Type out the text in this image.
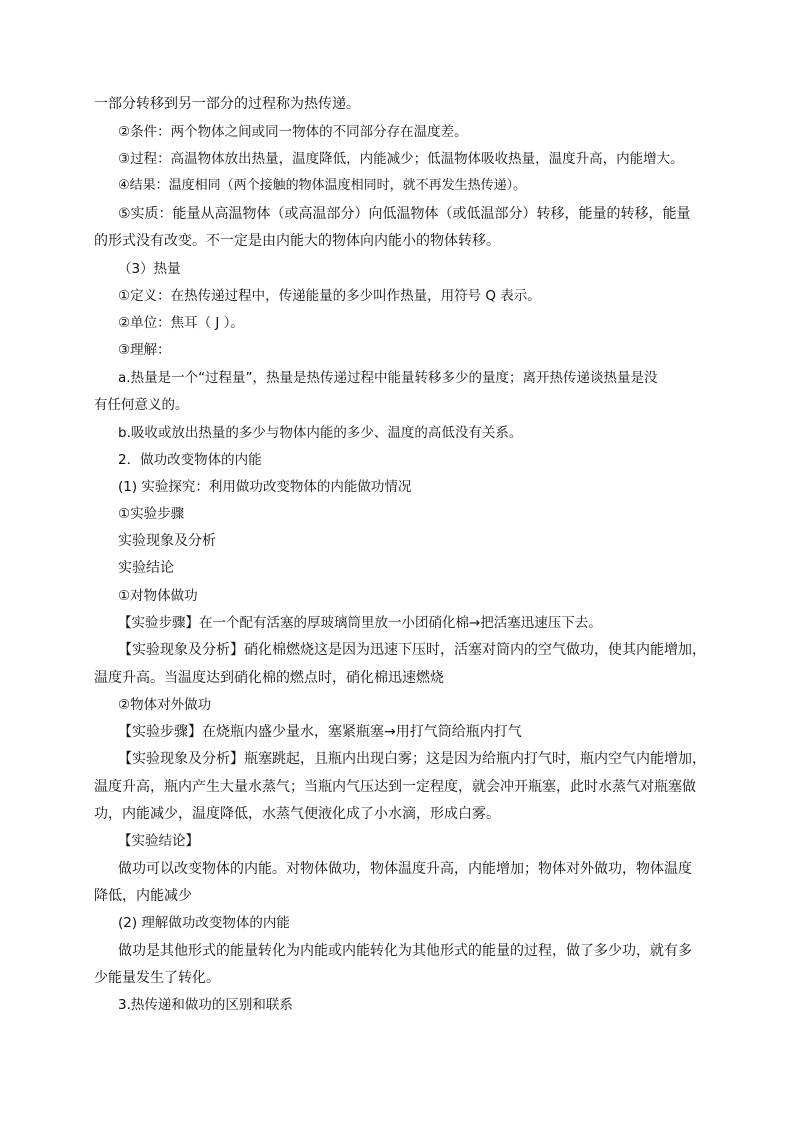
一部分转移到另一部分的过程称为热传递。
②条件：两个物体之间或同一物体的不同部分存在温度差。
③过程：高温物体放出热量，温度降低，内能减少；低温物体吸收热量，温度升高，内能增大。
④结果：温度相同（两个接触的物体温度相同时，就不再发生热传递）。
⑤实质：能量从高温物体（或高温部分）向低温物体（或低温部分）转移，能量的转移，能量
的形式没有改变。不一定是由内能大的物体向内能小的物体转移。
（3）热量
①定义：在热传递过程中，传递能量的多少叫作热量，用符号 Q 表示。
②单位：焦耳（ J ）。
③理解：
a.热量是一个“过程量”，热量是热传递过程中能量转移多少的量度；离开热传递谈热量是没
有任何意义的。
b.吸收或放出热量的多少与物体内能的多少、温度的高低没有关系。
2．做功改变物体的内能
(1) 实验探究：利用做功改变物体的内能做功情况
①实验步骤
实验现象及分析
实验结论
①对物体做功
【实验步骤】在一个配有活塞的厚玻璃筒里放一小团硝化棉→把活塞迅速压下去。
【实验现象及分析】硝化棉燃烧这是因为迅速下压时，活塞对筒内的空气做功，使其内能增加，
温度升高。当温度达到硝化棉的燃点时，硝化棉迅速燃烧
②物体对外做功
【实验步骤】在烧瓶内盛少量水，塞紧瓶塞→用打气筒给瓶内打气
【实验现象及分析】瓶塞跳起，且瓶内出现白雾；这是因为给瓶内打气时，瓶内空气内能增加，
温度升高，瓶内产生大量水蒸气；当瓶内气压达到一定程度，就会冲开瓶塞，此时水蒸气对瓶塞做
功，内能减少，温度降低，水蒸气便液化成了小水滴，形成白雾。
【实验结论】
做功可以改变物体的内能。对物体做功，物体温度升高，内能增加；物体对外做功，物体温度
降低，内能减少
(2) 理解做功改变物体的内能
做功是其他形式的能量转化为内能或内能转化为其他形式的能量的过程，做了多少功，就有多
少能量发生了转化。
3.热传递和做功的区别和联系
